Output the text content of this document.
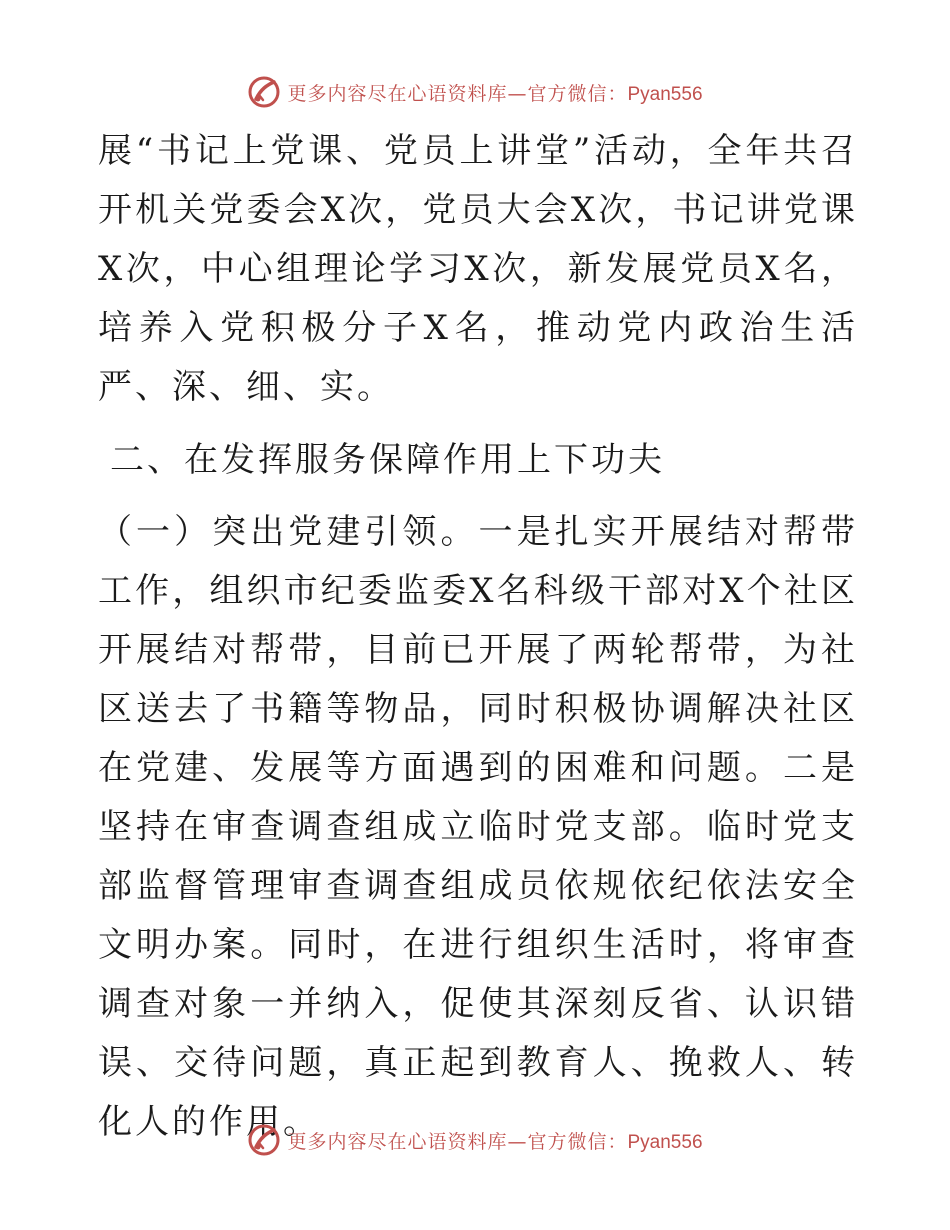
更多内容尽在心语资料库—官方微信：Pyan556

展“书记上党课、党员上讲堂”活动，全年共召开机关党委会X次，党员大会X次，书记讲党课X次，中心组理论学习X次，新发展党员X名，培养入党积极分子X名，推动党内政治生活严、深、细、实。

二、在发挥服务保障作用上下功夫

（一）突出党建引领。一是扎实开展结对帮带工作，组织市纪委监委X名科级干部对X个社区开展结对帮带，目前已开展了两轮帮带，为社区送去了书籍等物品，同时积极协调解决社区在党建、发展等方面遇到的困难和问题。二是坚持在审查调查组成立临时党支部。临时党支部监督管理审查调查组成员依规依纪依法安全文明办案。同时，在进行组织生活时，将审查调查对象一并纳入，促使其深刻反省、认识错误、交待问题，真正起到教育人、挽救人、转化人的作用。

更多内容尽在心语资料库—官方微信：Pyan556
